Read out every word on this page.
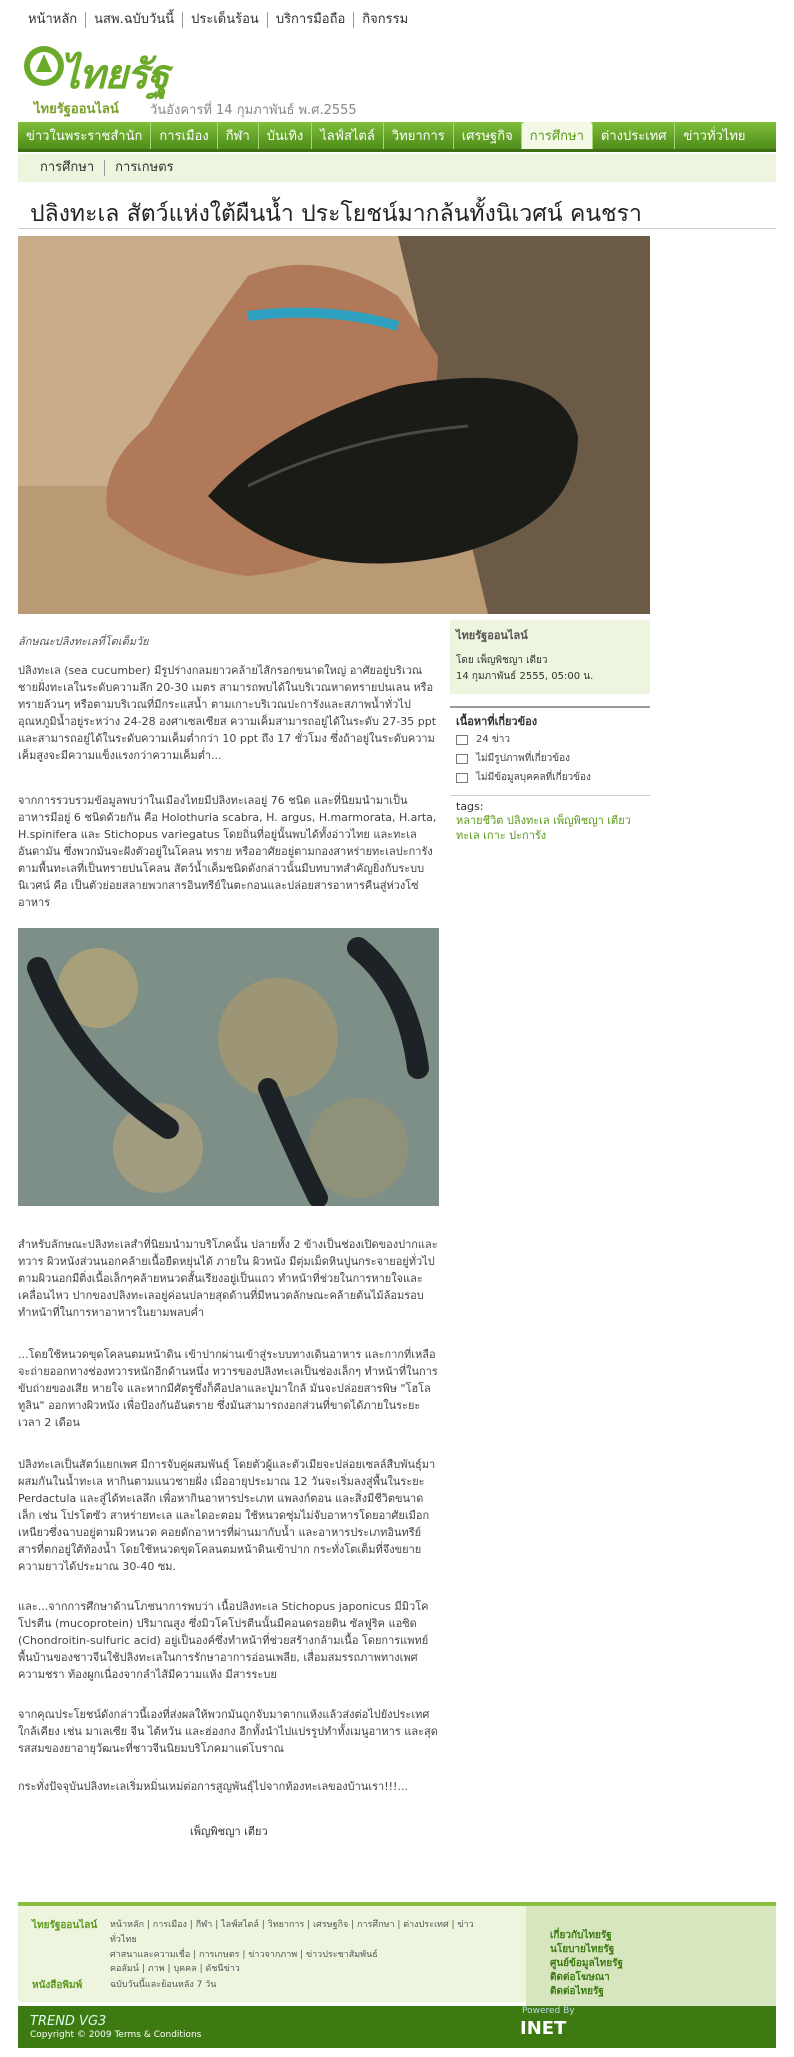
หน้าหลัก	นสพ.ฉบับวันนี้	ประเด็นร้อน	บริการมือถือ	กิจกรรม
ไทยรัฐ
ไทยรัฐออนไลน์ วันอังคารที่ 14 กุมภาพันธ์ พ.ศ.2555
ข่าวในพระราชสำนัก	การเมือง	กีฬา	บันเทิง	ไลฟ์สไตล์	วิทยาการ	เศรษฐกิจ	การศึกษา	ต่างประเทศ	ข่าวทั่วไทย
การศึกษา	การเกษตร
ปลิงทะเล สัตว์แห่งใต้ผืนน้ำ ประโยชน์มากล้นทั้งนิเวศน์ คนชรา
ลักษณะปลิงทะเลที่โตเต็มวัย
ปลิงทะเล (sea cucumber) มีรูปร่างกลมยาวคล้ายไส้กรอกขนาดใหญ่ อาศัยอยู่บริเวณชายฝั่งทะเลในระดับความลึก 20-30 เมตร สามารถพบได้ในบริเวณหาดทรายปนเลน หรือทรายล้วนๆ หรือตามบริเวณที่มีกระแสน้ำ ตามเกาะบริเวณปะการังและสภาพน้ำทั่วไป อุณหภูมิน้ำอยู่ระหว่าง 24-28 องศาเซลเซียส ความเค็มสามารถอยู่ได้ในระดับ 27-35 ppt และสามารถอยู่ได้ในระดับความเค็มต่ำกว่า 10 ppt ถึง 17 ชั่วโมง ซึ่งถ้าอยู่ในระดับความเค็มสูงจะมีความแข็งแรงกว่าความเค็มต่ำ...
จากการรวบรวมข้อมูลพบว่าในเมืองไทยมีปลิงทะเลอยู่ 76 ชนิด และที่นิยมนำมาเป็นอาหารมีอยู่ 6 ชนิดด้วยกัน คือ Holothuria scabra, H. argus, H.marmorata, H.arta, H.spinifera และ Stichopus variegatus โดยถิ่นที่อยู่นั้นพบได้ทั้งอ่าวไทย และทะเลอันดามัน ซึ่งพวกมันจะฝังตัวอยู่ในโคลน ทราย หรืออาศัยอยู่ตามกองสาหร่ายทะเลปะการัง ตามพื้นทะเลที่เป็นทรายปนโคลน สัตว์น้ำเค็มชนิดดังกล่าวนั้นมีบทบาทสำคัญยิ่งกับระบบนิเวศน์ คือ เป็นตัวย่อยสลายพวกสารอินทรีย์ในตะกอนและปล่อยสารอาหารคืนสู่ห่วงโซ่อาหาร
สำหรับลักษณะปลิงทะเลสำที่นิยมนำมาบริโภคนั้น ปลายทั้ง 2 ข้างเป็นช่องเปิดของปากและทวาร ผิวหนังส่วนนอกคล้ายเนื้อยืดหยุ่นได้ ภายใน ผิวหนัง มีตุ่มเม็ดหินปูนกระจายอยู่ทั่วไป ตามผิวนอกมีติ่งเนื้อเล็กๆคล้ายหนวดสั้นเรียงอยู่เป็นแถว ทำหน้าที่ช่วยในการหายใจและเคลื่อนไหว ปากของปลิงทะเลอยู่ค่อนปลายสุดด้านที่มีหนวดลักษณะคล้ายต้นไม้ล้อมรอบ ทำหน้าที่ในการหาอาหารในยามพลบค่ำ
...โดยใช้หนวดขุดโคลนตมหน้าดิน เข้าปากผ่านเข้าสู่ระบบทางเดินอาหาร และกากที่เหลือจะถ่ายออกทางช่องทวารหนักอีกด้านหนึ่ง ทวารของปลิงทะเลเป็นช่องเล็กๆ ทำหน้าที่ในการขับถ่ายของเสีย หายใจ และหากมีศัตรูซึ่งก็คือปลาและปูมาใกล้ มันจะปล่อยสารพิษ "โฮโลทูลิน" ออกทางผิวหนัง เพื่อป้องกันอันตราย ซึ่งมันสามารถงอกส่วนที่ขาดได้ภายในระยะเวลา 2 เดือน
ปลิงทะเลเป็นสัตว์แยกเพศ มีการจับคู่ผสมพันธุ์ โดยตัวผู้และตัวเมียจะปล่อยเซลล์สืบพันธุ์มาผสมกันในน้ำทะเล หากินตามแนวชายฝั่ง เมื่ออายุประมาณ 12 วันจะเริ่มลงสู่พื้นในระยะ Perdactula และสู่ได้ทะเลลึก เพื่อหากินอาหารประเภท แพลงก์ตอน และสิ่งมีชีวิตขนาดเล็ก เช่น โปรโตซัว สาหร่ายทะเล และไดอะตอม ใช้หนวดซุ่มไม่จับอาหารโดยอาศัยเมือกเหนียวซึ่งฉาบอยู่ตามผิวหนวด คอยดักอาหารที่ผ่านมากับน้ำ และอาหารประเภทอินทรีย์สารที่ตกอยู่ใต้ท้องน้ำ โดยใช้หนวดขุดโคลนตมหน้าดินเข้าปาก กระทั่งโตเต็มที่จึงขยายความยาวได้ประมาณ 30-40 ซม.
และ...จากการศึกษาด้านโภชนาการพบว่า เนื้อปลิงทะเล Stichopus japonicus มีมิวโคโปรตีน (mucoprotein) ปริมาณสูง ซึ่งมิวโคโปรตีนนั้นมีคอนดรอยติน ซัลฟูริค แอซิด (Chondroitin-sulfuric acid) อยู่เป็นองค์ซึ่งทำหน้าที่ช่วยสร้างกล้ามเนื้อ โดยการแพทย์พื้นบ้านของชาวจีนใช้ปลิงทะเลในการรักษาอาการอ่อนเพลีย, เสื่อมสมรรถภาพทางเพศ ความชรา ท้องผูกเนื่องจากลำไส้มีความแห้ง มีสารระบย
จากคุณประโยชน์ดังกล่าวนี้เองที่ส่งผลให้พวกมันถูกจับมาตากแห้งแล้วส่งต่อไปยังประเทศใกล้เคียง เช่น มาเลเซีย จีน ไต้หวัน และฮ่องกง อีกทั้งนำไปแปรรูปทำทั้งเมนูอาหาร และสุดรสสมของยาอายุวัฒนะที่ชาวจีนนิยมบริโภคมาแต่โบราณ
กระทั่งปัจจุบันปลิงทะเลเริ่มหมิ่นเหม่ต่อการสูญพันธุ์ไปจากท้องทะเลของบ้านเรา!!!...
เพ็ญพิชญา เตียว
ไทยรัฐออนไลน์
โดย เพ็ญพิชญา เตียว
14 กุมภาพันธ์ 2555, 05:00 น.
เนื้อหาที่เกี่ยวข้อง
24 ข่าว
ไม่มีรูปภาพที่เกี่ยวข้อง
ไม่มีข้อมูลบุคคลที่เกี่ยวข้อง
tags:
หลายชีวิต ปลิงทะเล เพ็ญพิชญา เตียว ทะเล เกาะ ปะการัง
ไทยรัฐออนไลน์ หน้าหลัก | การเมือง | กีฬา | ไลฟ์สไตล์ | วิทยาการ | เศรษฐกิจ | การศึกษา | ต่างประเทศ | ข่าวทั่วไทย
ศาสนาและความเชื่อ | การเกษตร | ข่าวจากภาพ | ข่าวประชาสัมพันธ์
คอลัมน์ | ภาพ | บุคคล | ดัชนีข่าว
หนังสือพิมพ์	ฉบับวันนี้และย้อนหลัง 7 วัน
เกี่ยวกับไทยรัฐ
นโยบายไทยรัฐ
ศูนย์ข้อมูลไทยรัฐ
ติดต่อโฆษณา
ติดต่อไทยรัฐ
TREND VG3
Copyright © 2009 Terms & Conditions
Powered By
INET
